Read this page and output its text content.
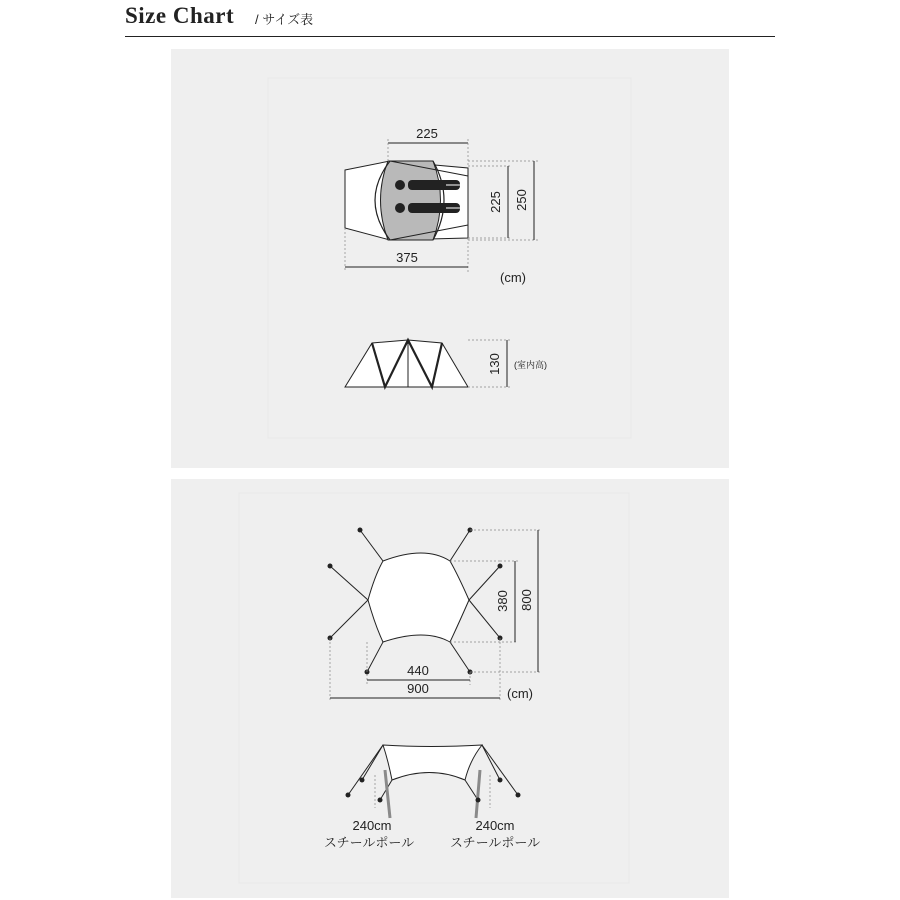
Size Chart / サイズ表
225
225 250
375
(cm)
130 (室内高)
380 800
440
900	(cm)
240cm
スチールポール
240cm
スチールポール
